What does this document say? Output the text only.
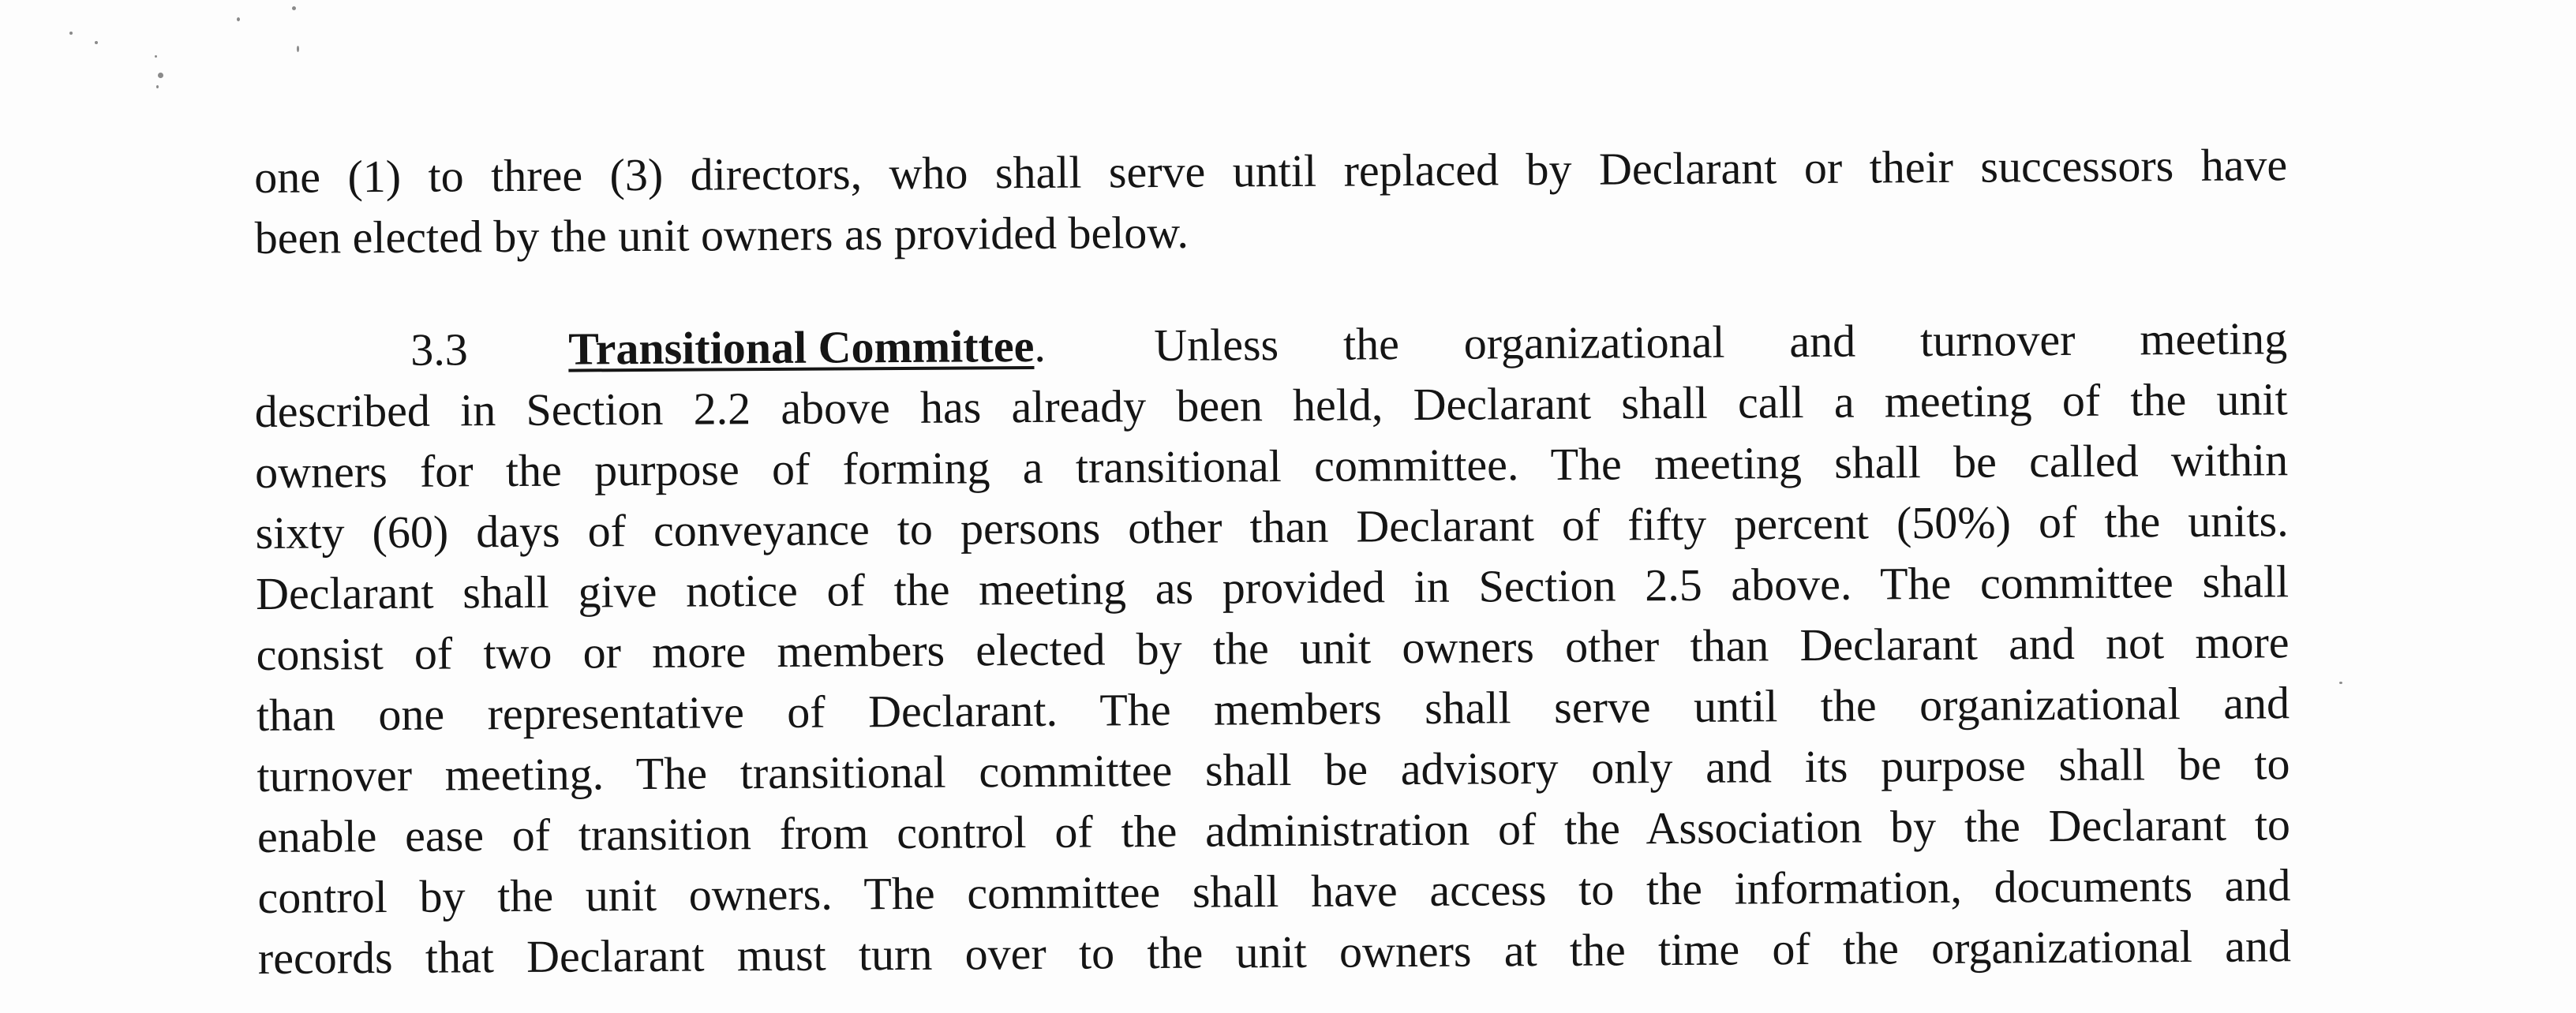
one (1) to three (3) directors, who shall serve until replaced by Declarant or their successors have
been elected by the unit owners as provided below.
3.3 Transitional Committee. Unless the organizational and turnover meeting
described in Section 2.2 above has already been held, Declarant shall call a meeting of the unit
owners for the purpose of forming a transitional committee. The meeting shall be called within
sixty (60) days of conveyance to persons other than Declarant of fifty percent (50%) of the units.
Declarant shall give notice of the meeting as provided in Section 2.5 above. The committee shall
consist of two or more members elected by the unit owners other than Declarant and not more
than one representative of Declarant. The members shall serve until the organizational and
turnover meeting. The transitional committee shall be advisory only and its purpose shall be to
enable ease of transition from control of the administration of the Association by the Declarant to
control by the unit owners. The committee shall have access to the information, documents and
records that Declarant must turn over to the unit owners at the time of the organizational and
